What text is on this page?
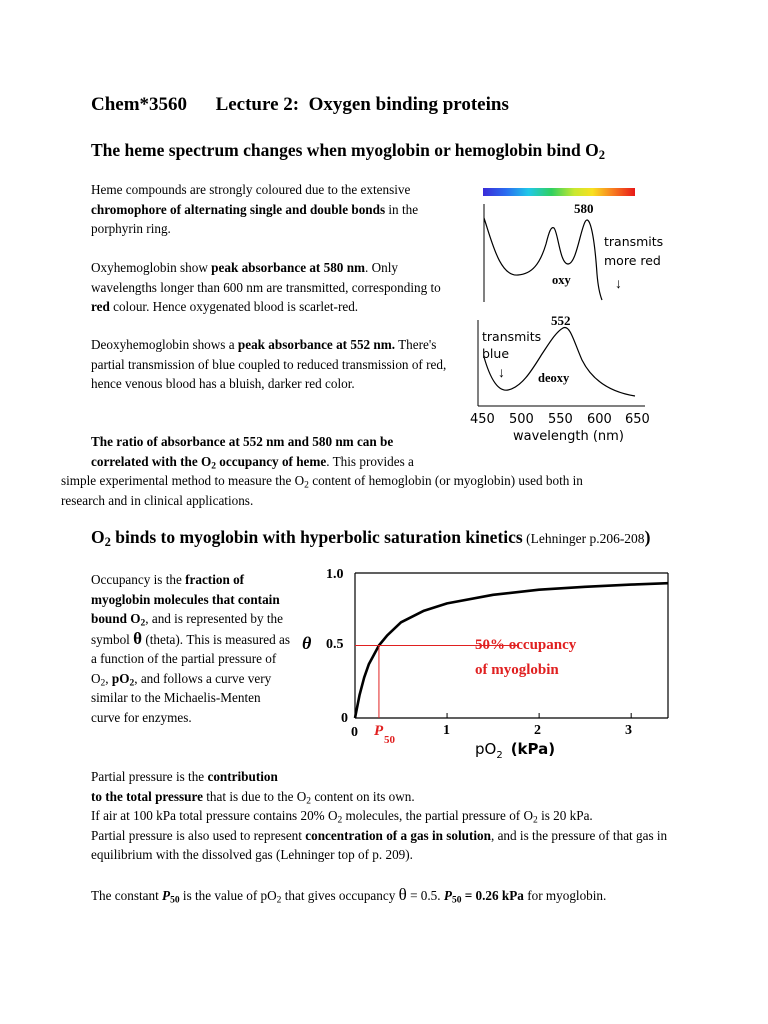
Chem*3560 Lecture 2:  Oxygen binding proteins
The heme spectrum changes when myoglobin or hemoglobin bind $O_2$
Heme compounds are strongly coloured due to the extensive
chromophore of alternating single and double bonds in the porphyrin ring.
Oxyhemoglobin show peak absorbance at 580 nm. Only wavelengths longer than 600 nm are transmitted, corresponding to red colour. Hence oxygenated blood is scarlet-red.
Deoxyhemoglobin shows a peak absorbance at 552 nm. There's partial transmission of blue coupled to reduced transmission of red, hence venous blood has a bluish, darker red color.
The ratio of absorbance at 552 nm and 580 nm can be
correlated with the $O_2$ occupancy of heme. This provides a
simple experimental method to measure the $O_2$ content of hemoglobin (or myoglobin) used both in
research and in clinical applications.
580
transmits
more red
↓
oxy
552
transmits
blue
↓	deoxy
450 500 550 600 650
wavelength (nm)
$O_2$ binds to myoglobin with hyperbolic saturation kinetics (Lehninger p.206-208)
Occupancy is the fraction of myoglobin molecules that contain bound $O_2$, and is represented by the symbol θ (theta). This is measured as a function of the partial pressure of $O_2$, $pO_2$, and follows a curve very similar to the Michaelis-Menten curve for enzymes.
1.0
0.5
0
θ
0	1	2	3
P
50
50% occupancy
of myoglobin
$pO_2$ (kPa)
Partial pressure is the contribution
to the total pressure that is due to the $O_2$ content on its own.
If air at 100 kPa total pressure contains 20% $O_2$ molecules, the partial pressure of $O_2$ is 20 kPa.
Partial pressure is also used to represent concentration of a gas in solution, and is the pressure of that gas in equilibrium with the dissolved gas (Lehninger top of p. 209).
The constant $P_{50}$ is the value of $pO_2$ that gives occupancy θ = 0.5. $P_{50} = 0.26$ kPa for myoglobin.
